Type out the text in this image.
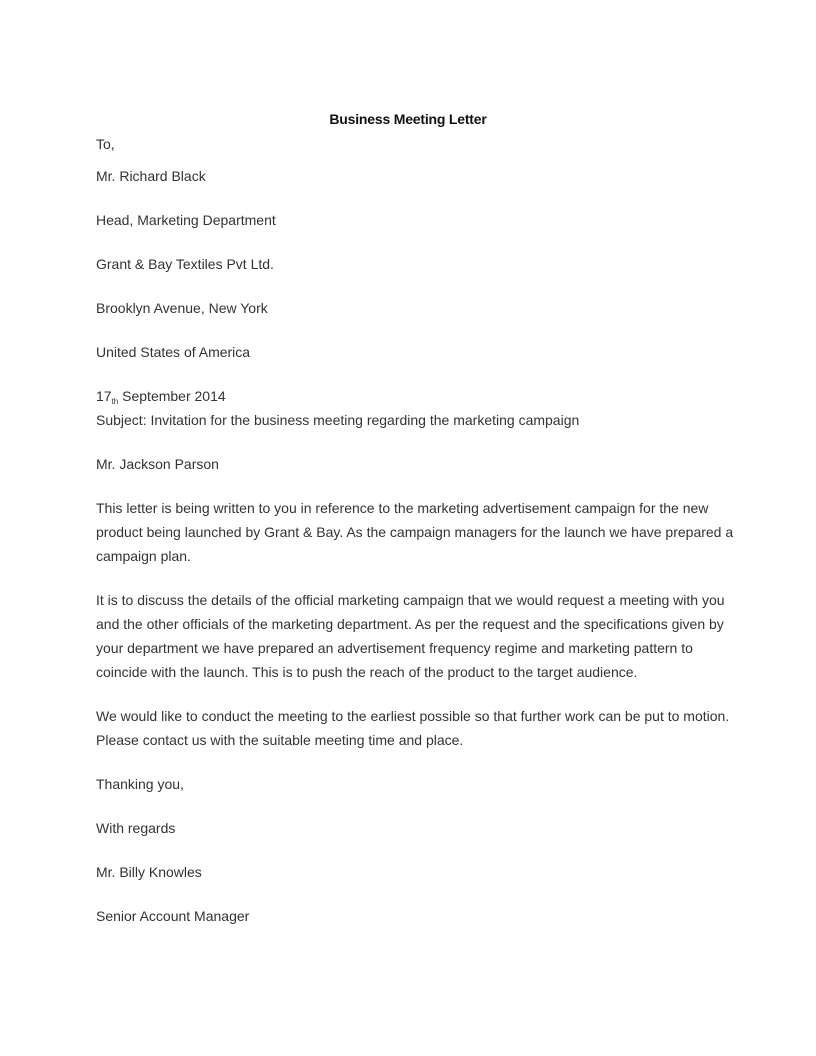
Business Meeting Letter
To,
Mr. Richard Black
Head, Marketing Department
Grant & Bay Textiles Pvt Ltd.
Brooklyn Avenue, New York
United States of America
$17_{th}$ September 2014
Subject: Invitation for the business meeting regarding the marketing campaign
Mr. Jackson Parson
This letter is being written to you in reference to the marketing advertisement campaign for the new product being launched by Grant & Bay. As the campaign managers for the launch we have prepared a campaign plan.
It is to discuss the details of the official marketing campaign that we would request a meeting with you and the other officials of the marketing department. As per the request and the specifications given by your department we have prepared an advertisement frequency regime and marketing pattern to coincide with the launch. This is to push the reach of the product to the target audience.
We would like to conduct the meeting to the earliest possible so that further work can be put to motion. Please contact us with the suitable meeting time and place.
Thanking you,
With regards
Mr. Billy Knowles
Senior Account Manager
